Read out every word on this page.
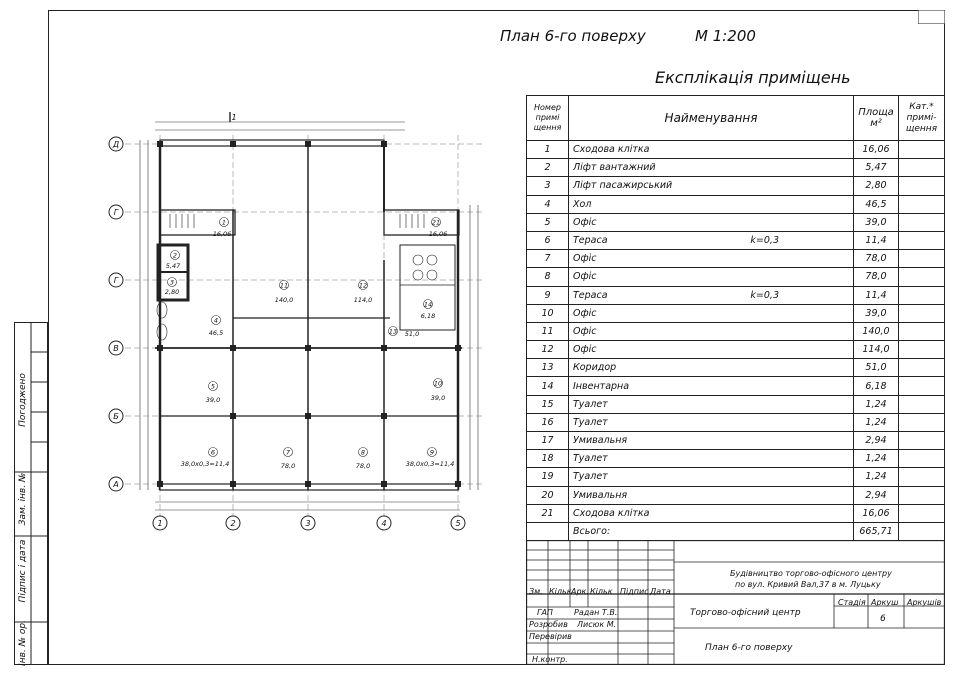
Погоджено
Зам. інв. №
Підпис і дата
Інв. № ор.
План 6-го поверху	М 1:200
Експлікація приміщень
Номер примі щення	Найменування	Площа м²	Кат.* примі- щення
1	Сходова клітка	16,06	
2	Ліфт вантажний	5,47	
3	Ліфт пасажирський	2,80	
4	Хол	46,5	
5	Офіс	39,0	
6	Тераса k=0,3	11,4	
7	Офіс	78,0	
8	Офіс	78,0	
9	Тераса k=0,3	11,4	
10	Офіс	39,0	
11	Офіс	140,0	
12	Офіс	114,0	
13	Коридор	51,0	
14	Інвентарна	6,18	
15	Туалет	1,24	
16	Туалет	1,24	
17	Умивальня	2,94	
18	Туалет	1,24	
19	Туалет	1,24	
20	Умивальня	2,94	
21	Сходова клітка	16,06	
	Всього:	665,71	
Д
Г
Г
В
Б
А
1	2	3	4	5
1
1
16,06
2
5,47
3
2,80
4
46,5
5
39,0
6
38,0х0,3=11,4
7
78,0
8
78,0
9
38,0х0,3=11,4
10
39,0
11
140,0
12
114,0
13 51,0
14
6,18
21
16,06
Зм. Кільк Арк. Кільк Підпис Дата
Будівництво торгово-офісного центру
по вул. Кривий Вал,37 в м. Луцьку
Торгово-офісний центр
Стадія Аркуш Аркушів
6
ГАП	Радан Т.В.
Розробив Лисюк М.
Перевірив
Н.контр.
План 6-го поверху
